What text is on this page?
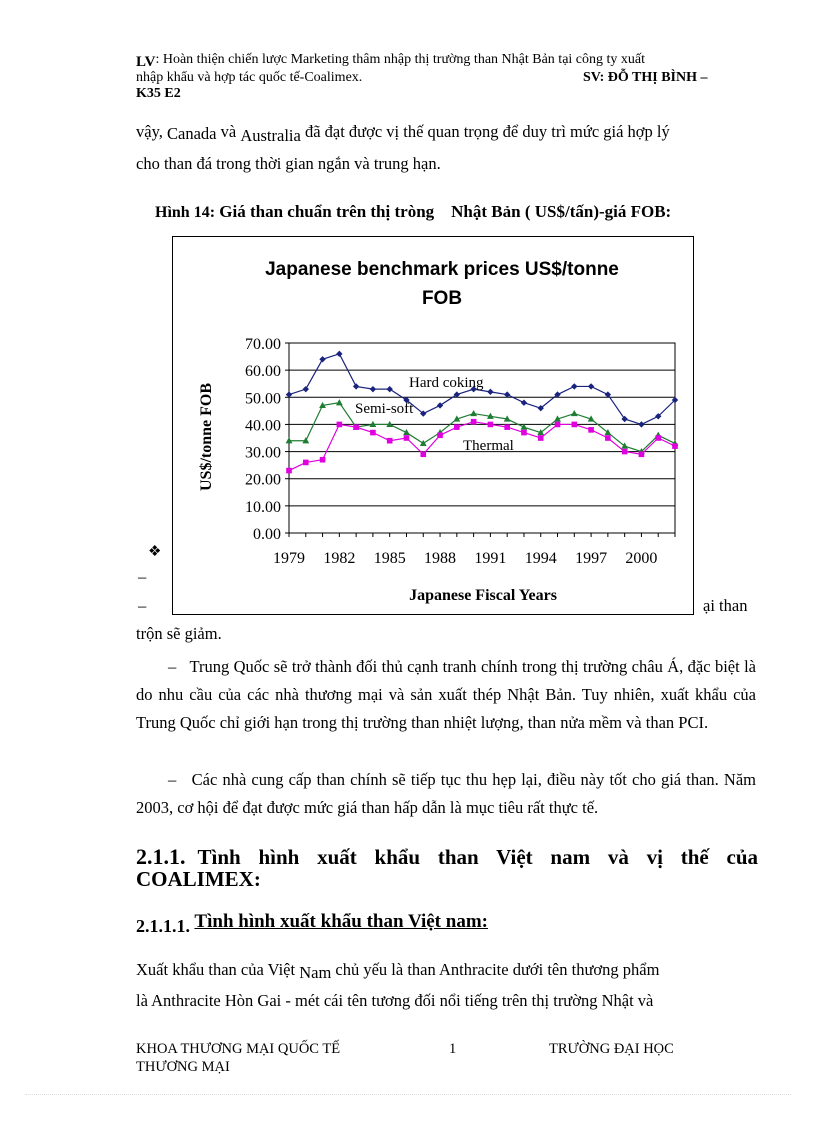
LV: Hoàn thiện chiến lược Marketing thâm nhập thị trường than Nhật Bản tại công ty xuất
nhập khẩu và hợp tác quốc tế-Coalimex.	SV: ĐỖ THỊ BÌNH –
K35 E2
vậy, Canada và Australia đã đạt được vị thế quan trọng để duy trì mức giá hợp lý
cho than đá trong thời gian ngắn và trung hạn.
Hình 14: Giá than chuẩn trên thị tròng    Nhật Bản ( US$/tấn)-giá FOB:
Japanese benchmark prices US$/tonne
FOB
US$/tonne FOB
Japanese Fiscal Years
0.00
10.00
20.00
30.00
40.00
50.00
60.00
70.00
1979 1982 1985 1988 1991 1994 1997 2000
Hard coking
Semi-soft
Thermal
❖
–
–	ại than
trộn sẽ giảm.
– Trung Quốc sẽ trở thành đối thủ cạnh tranh chính trong thị trường châu Á, đặc biệt là do nhu cầu của các nhà thương mại và sản xuất thép Nhật Bản. Tuy nhiên, xuất khẩu của Trung Quốc chỉ giới hạn trong thị trường than nhiệt lượng, than nửa mềm và than PCI.
– Các nhà cung cấp than chính sẽ tiếp tục thu hẹp lại, điều này tốt cho giá than. Năm 2003, cơ hội để đạt được mức giá than hấp dẫn là mục tiêu rất thực tế.
2.1.1. Tình hình xuất khẩu than Việt nam và vị thế của
COALIMEX:
2.1.1.1. Tình hình xuất khẩu than Việt nam:
Xuất khẩu than của Việt Nam chủ yếu là than Anthracite dưới tên thương phẩm
là Anthracite Hòn Gai - mét cái tên tương đối nổi tiếng trên thị trường Nhật và
KHOA THƯƠNG MẠI QUỐC TẾ	1	TRƯỜNG ĐẠI HỌC
THƯƠNG MẠI
